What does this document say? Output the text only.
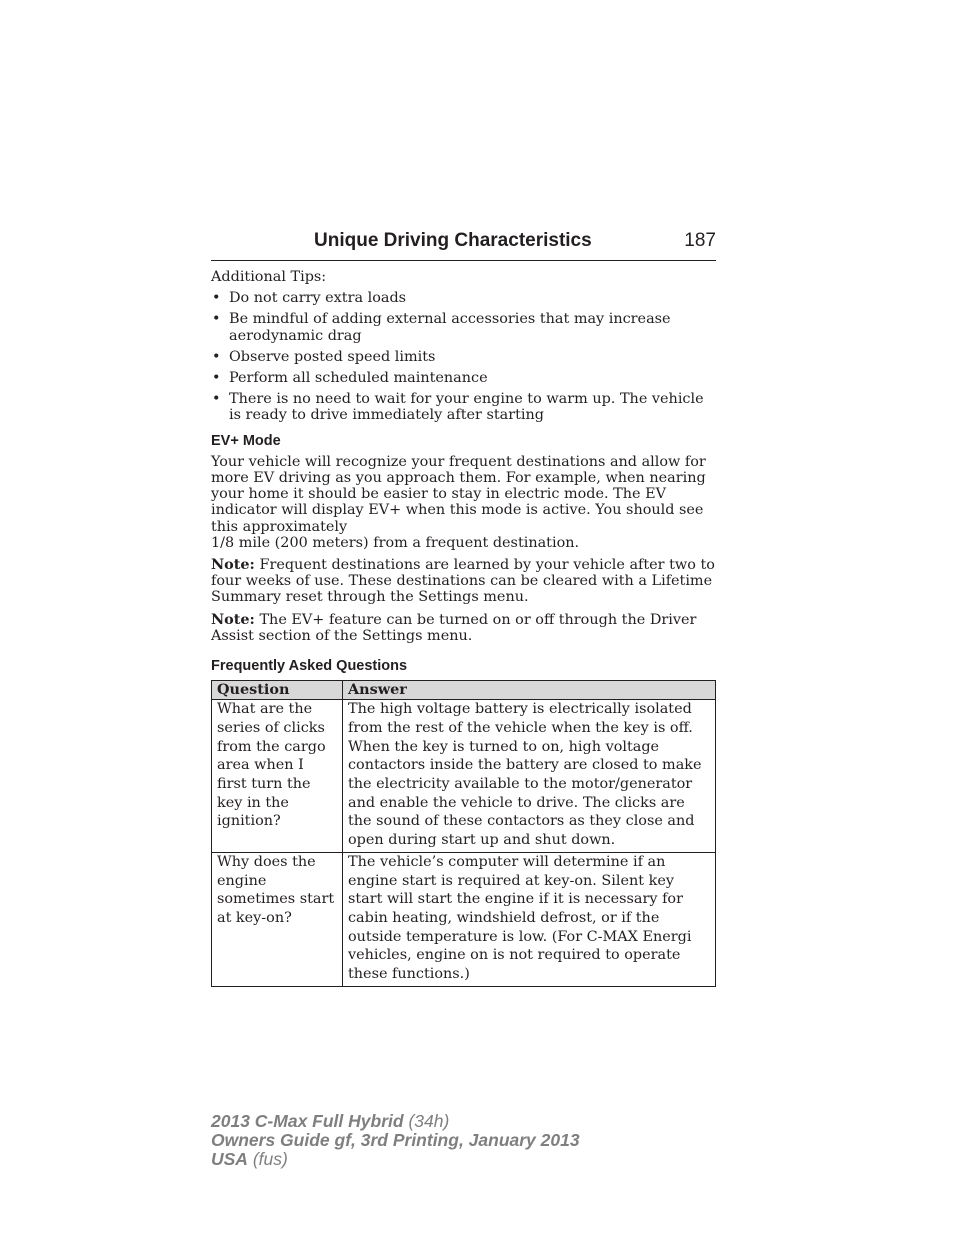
Unique Driving Characteristics	187

Additional Tips:

• Do not carry extra loads
• Be mindful of adding external accessories that may increase aerodynamic drag
• Observe posted speed limits
• Perform all scheduled maintenance
• There is no need to wait for your engine to warm up. The vehicle is ready to drive immediately after starting
EV+ Mode

Your vehicle will recognize your frequent destinations and allow for more EV driving as you approach them. For example, when nearing your home it should be easier to stay in electric mode. The EV indicator will display EV+ when this mode is active. You should see this approximately
1/8 mile (200 meters) from a frequent destination.

Note: Frequent destinations are learned by your vehicle after two to four weeks of use. These destinations can be cleared with a Lifetime Summary reset through the Settings menu.

Note: The EV+ feature can be turned on or off through the Driver Assist section of the Settings menu.

Frequently Asked Questions
Question	Answer
What are the series of clicks from the cargo area when I first turn the key in the ignition?	The high voltage battery is electrically isolated from the rest of the vehicle when the key is off. When the key is turned to on, high voltage contactors inside the battery are closed to make the electricity available to the motor/generator and enable the vehicle to drive. The clicks are the sound of these contactors as they close and open during start up and shut down.
Why does the engine sometimes start at key-on?	The vehicle’s computer will determine if an engine start is required at key-on. Silent key start will start the engine if it is necessary for cabin heating, windshield defrost, or if the outside temperature is low. (For C-MAX Energi vehicles, engine on is not required to operate these functions.)
2013 C-Max Full Hybrid (34h)
Owners Guide gf, 3rd Printing, January 2013
USA (fus)
